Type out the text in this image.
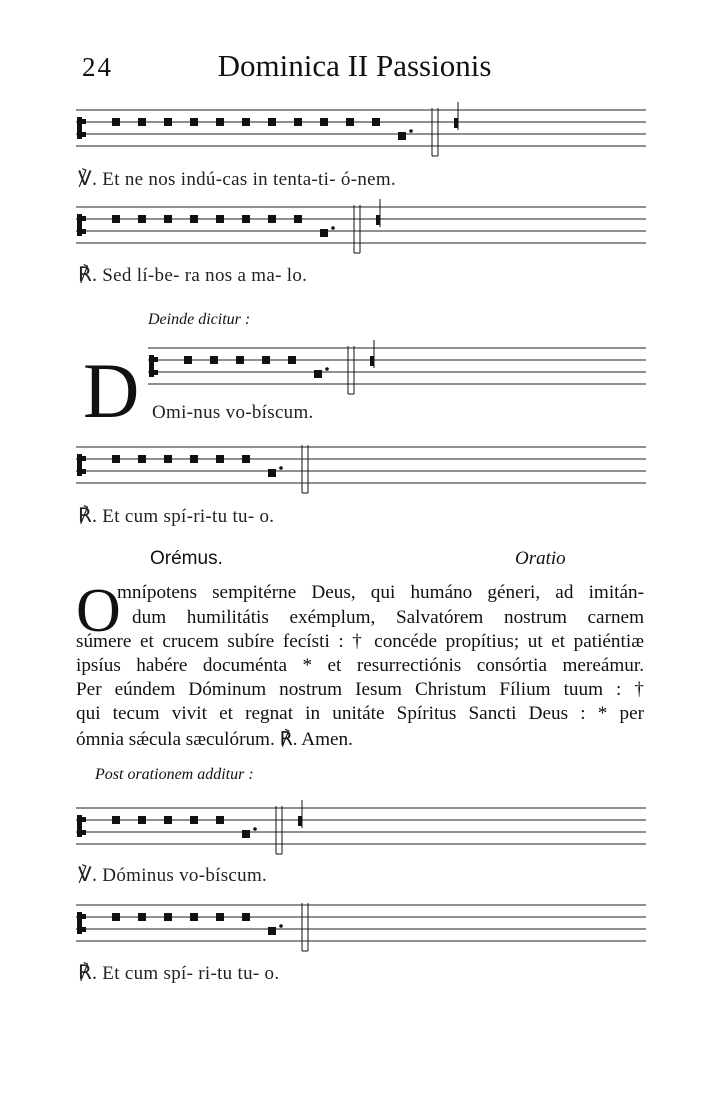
24	Dominica II Passionis
℣. Et ne nos indú-cas in tenta-ti- ó-nem.
℟. Sed lí-be- ra nos a ma- lo.
Deinde dicitur :
D Omi-nus vo-bíscum.
℟. Et cum spí-ri-tu tu- o.
Orémus.	Oratio
O
mnípotens sempitérne Deus, qui humáno géneri, ad imitán-
dum humilitátis exémplum, Salvatórem nostrum carnem
súmere et crucem subíre fecísti : † concéde propítius; ut et patiéntiæ
ipsíus habére documénta * et resurrectiónis consórtia mereámur.
Per eúndem Dóminum nostrum Iesum Christum Fílium tuum : †
qui tecum vivit et regnat in unitáte Spíritus Sancti Deus : * per
ómnia sǽcula sæculórum. ℟. Amen.
Post orationem additur :
℣. Dóminus vo-bíscum.
℟. Et cum spí- ri-tu tu- o.
